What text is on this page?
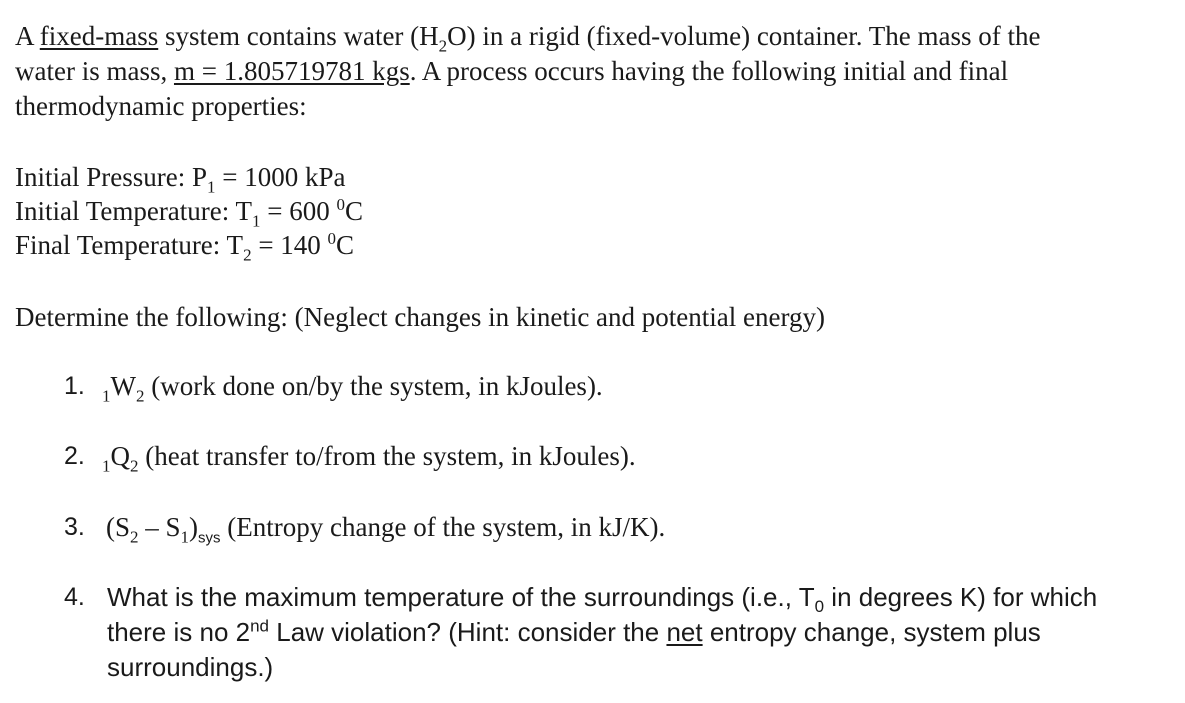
A fixed-mass system contains water $(H_2O)$ in a rigid (fixed-volume) container. The mass of the
water is mass, m = 1.805719781 kgs. A process occurs having the following initial and final
thermodynamic properties:
Initial Pressure: $P_1 = 1000$ kPa
Initial Temperature: $T_1 = 600$ $^0$C
Final Temperature: $T_2 = 140$ $^0$C
Determine the following: (Neglect changes in kinetic and potential energy)
1. $_1W_2$ (work done on/by the system, in kJoules).
2. $_1Q_2$ (heat transfer to/from the system, in kJoules).
3. $(S_2 - S_1)_{sys}$ (Entropy change of the system, in kJ/K).
4. What is the maximum temperature of the surroundings (i.e., $T_0$ in degrees K) for which
there is no 2nd Law violation? (Hint: consider the net entropy change, system plus
surroundings.)
